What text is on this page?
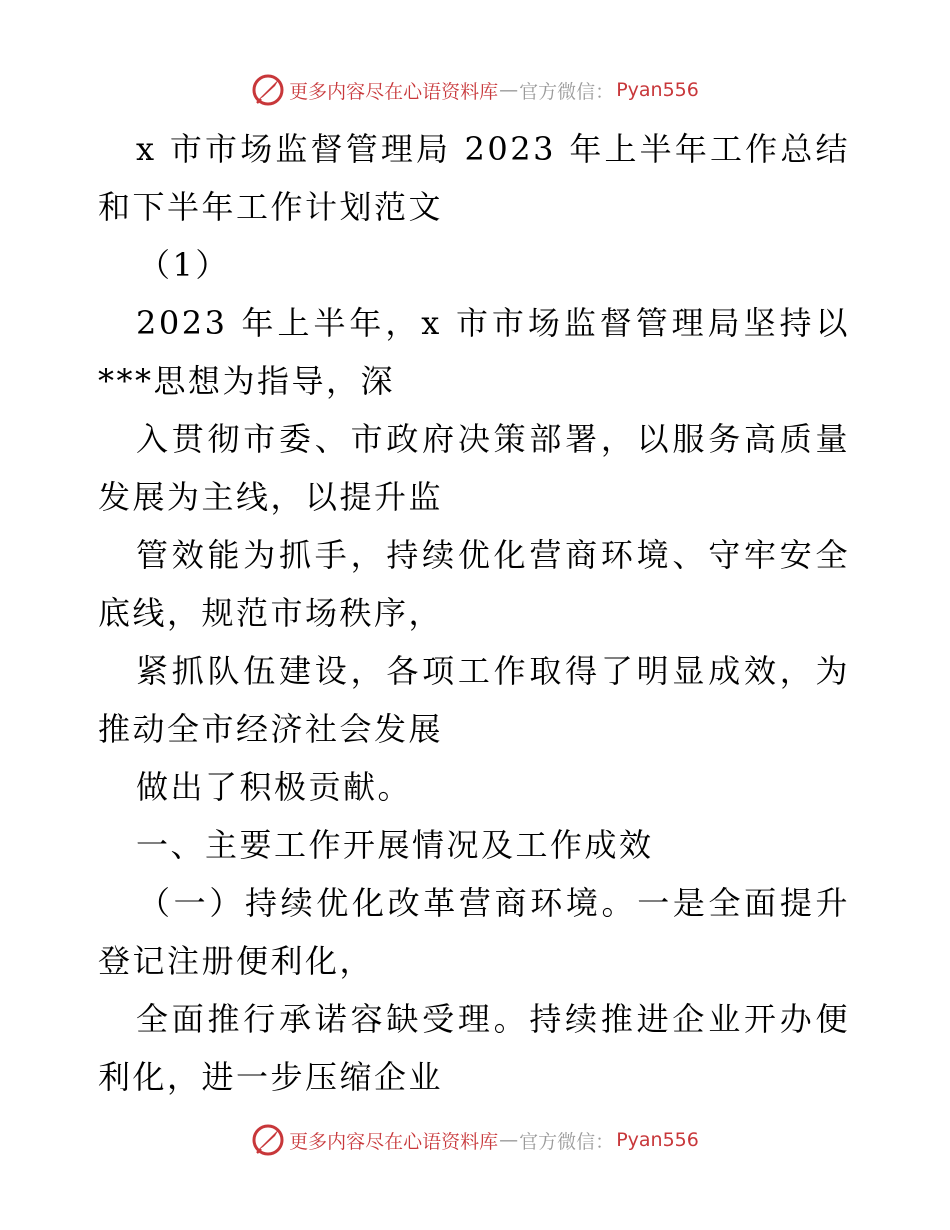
更多内容尽在心语资料库 — 官方微信： Pyan556

x 市市场监督管理局 2023 年上半年工作总结和下半年工作计划范文

（1）

2023 年上半年，x 市市场监督管理局坚持以***思想为指导，深

入贯彻市委、市政府决策部署，以服务高质量发展为主线，以提升监

管效能为抓手，持续优化营商环境、守牢安全底线，规范市场秩序，

紧抓队伍建设，各项工作取得了明显成效，为推动全市经济社会发展

做出了积极贡献。

一、主要工作开展情况及工作成效

（一）持续优化改革营商环境。一是全面提升登记注册便利化，

全面推行承诺容缺受理。持续推进企业开办便利化，进一步压缩企业

更多内容尽在心语资料库 — 官方微信： Pyan556
